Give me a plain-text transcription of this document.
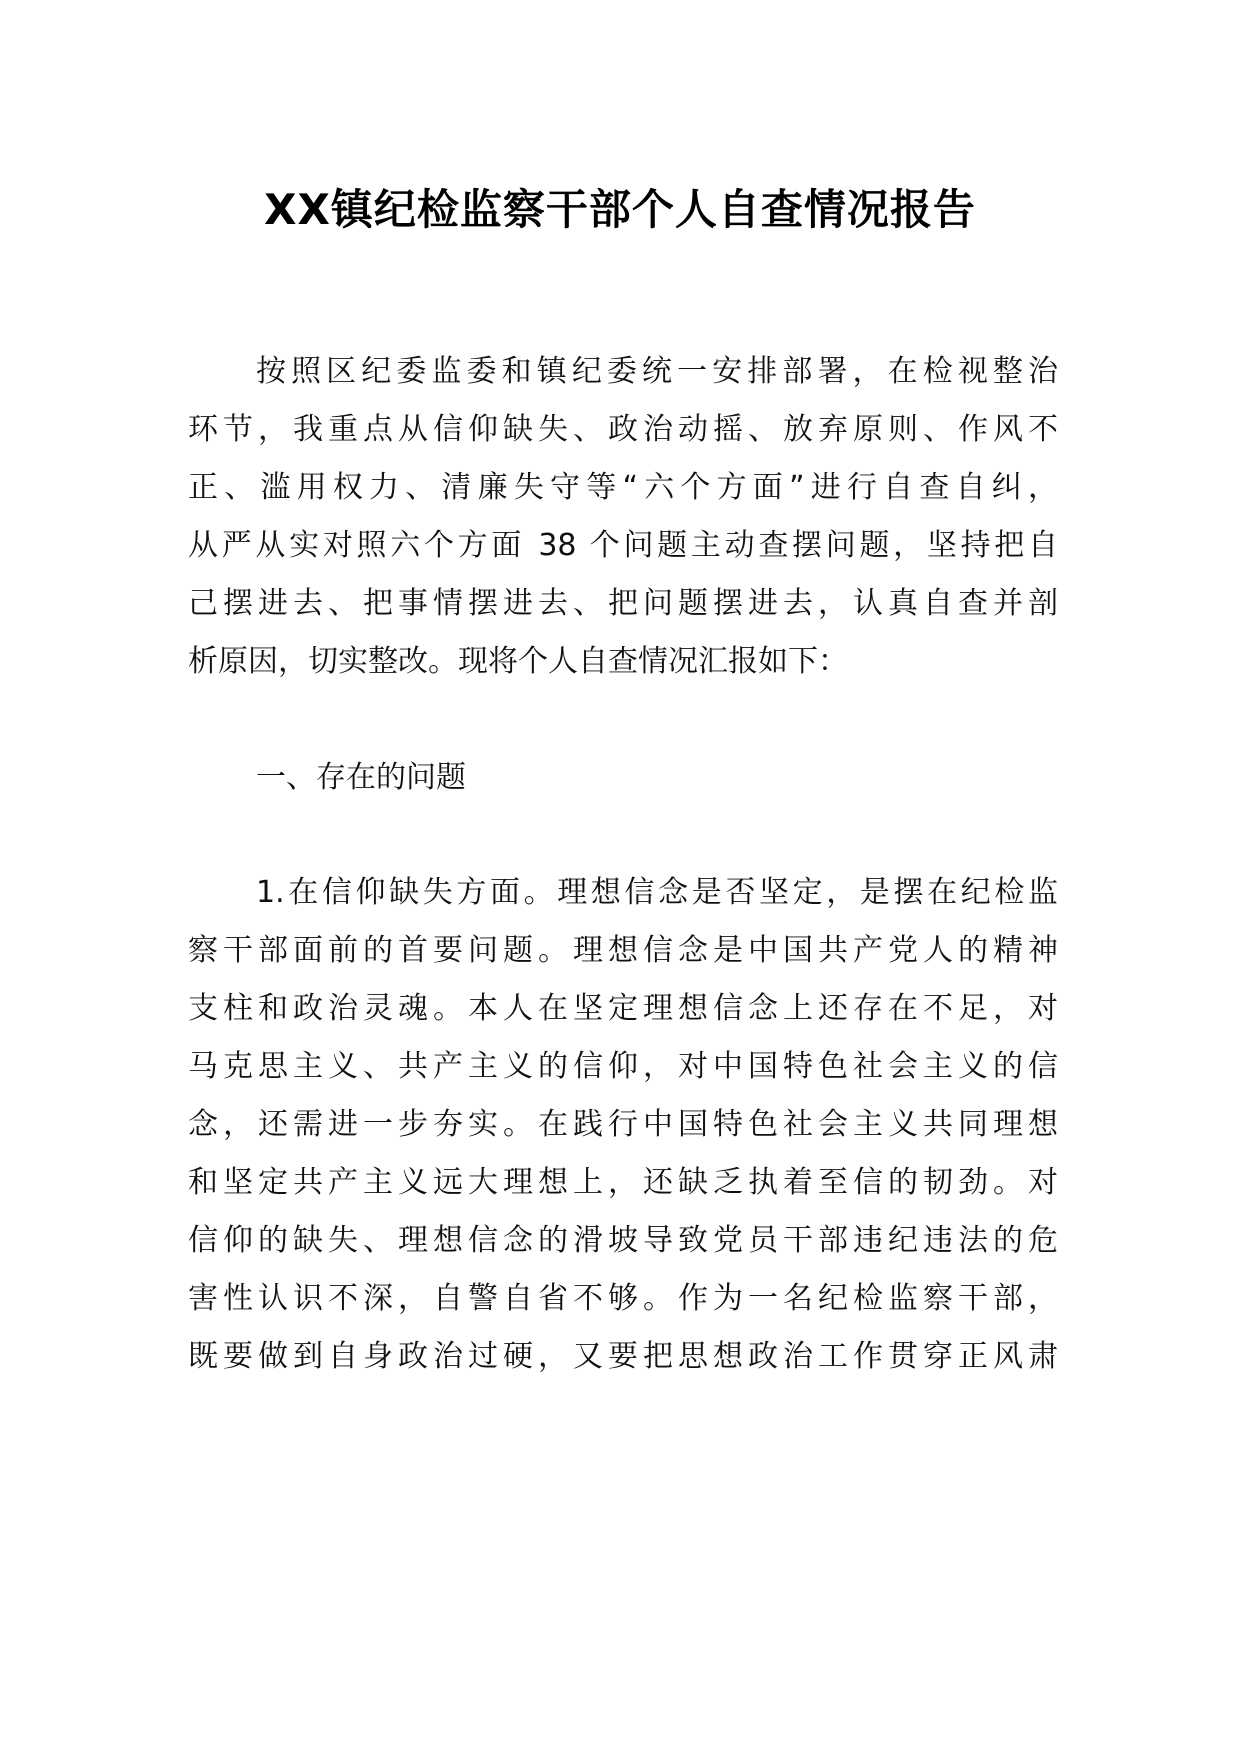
XX镇纪检监察干部个人自查情况报告
按照区纪委监委和镇纪委统一安排部署，在检视整治
环节，我重点从信仰缺失、政治动摇、放弃原则、作风不
正、滥用权力、清廉失守等“六个方面”进行自查自纠，
从严从实对照六个方面 38 个问题主动查摆问题，坚持把自
己摆进去、把事情摆进去、把问题摆进去，认真自查并剖
析原因，切实整改。现将个人自查情况汇报如下：
一、存在的问题
1.在信仰缺失方面。理想信念是否坚定，是摆在纪检监
察干部面前的首要问题。理想信念是中国共产党人的精神
支柱和政治灵魂。本人在坚定理想信念上还存在不足，对
马克思主义、共产主义的信仰，对中国特色社会主义的信
念，还需进一步夯实。在践行中国特色社会主义共同理想
和坚定共产主义远大理想上，还缺乏执着至信的韧劲。对
信仰的缺失、理想信念的滑坡导致党员干部违纪违法的危
害性认识不深，自警自省不够。作为一名纪检监察干部，
既要做到自身政治过硬，又要把思想政治工作贯穿正风肃
